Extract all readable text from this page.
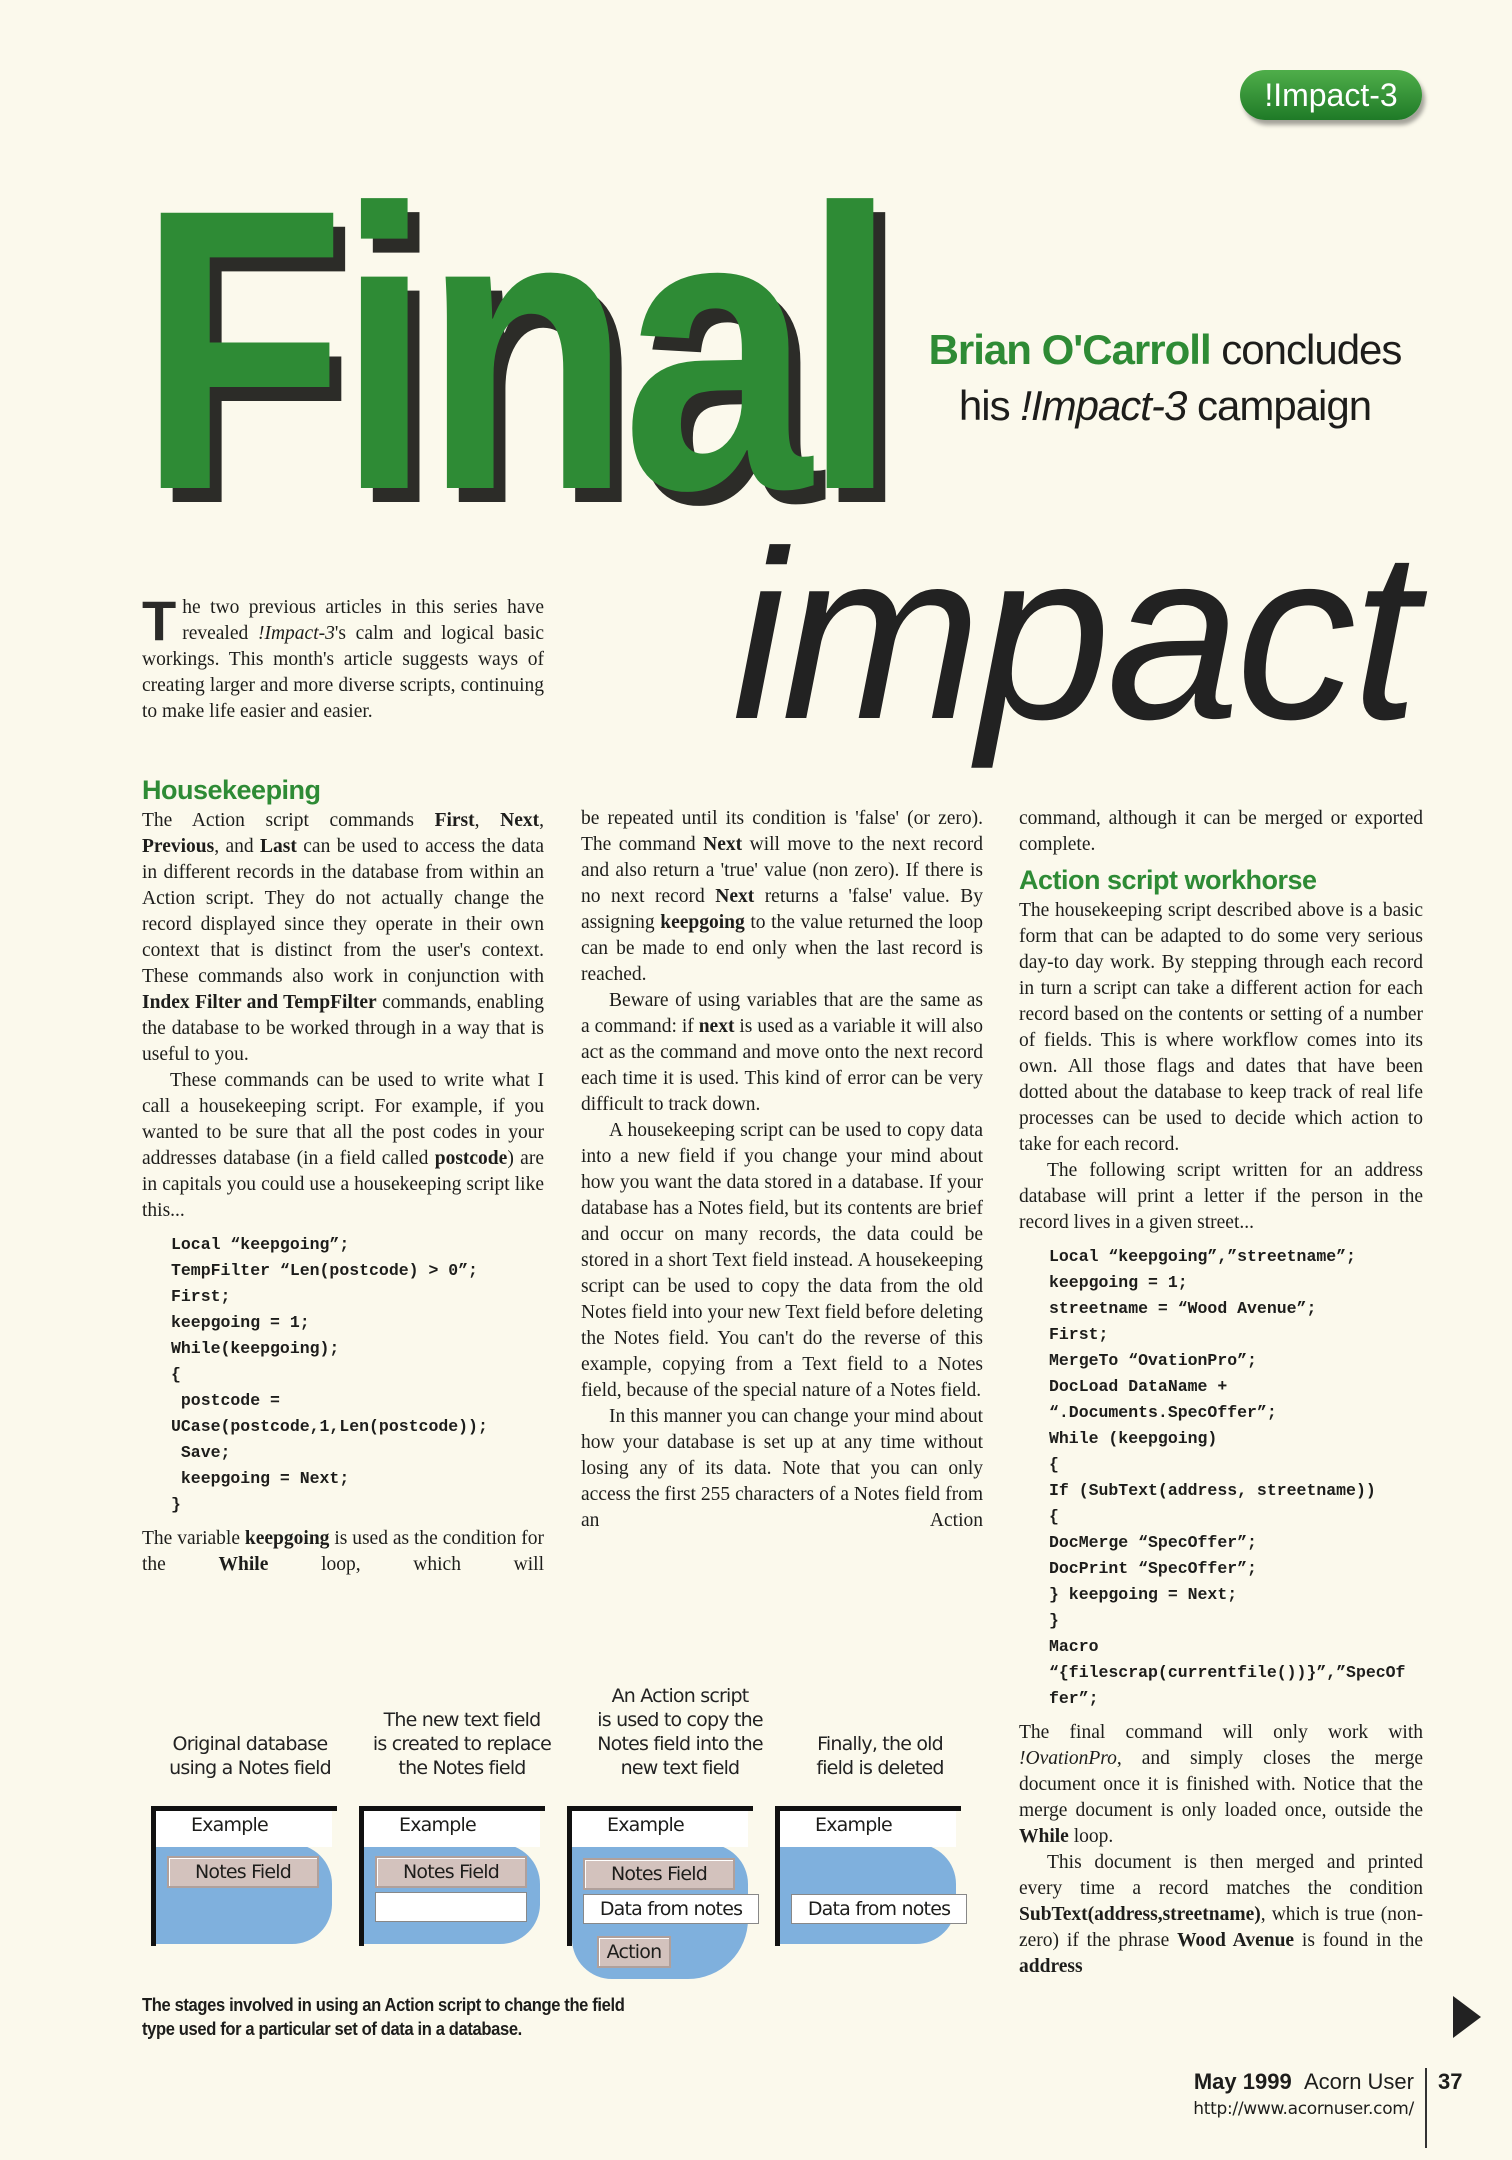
!Impact-3
Final Brian O'Carroll concludes
his !Impact-3 campaign
impact
T he two previous articles in this series have revealed !Impact-3's calm and logical basic workings. This month's article suggests ways of creating larger and more diverse scripts, continuing to make life easier and easier.

Housekeeping

The Action script commands First, Next, Previous, and Last can be used to access the data in different records in the database from within an Action script. They do not actually change the record displayed since they operate in their own context that is distinct from the user's context. These commands also work in conjunction with Index Filter and TempFilter commands, enabling the database to be worked through in a way that is useful to you.

These commands can be used to write what I call a housekeeping script. For example, if you wanted to be sure that all the post codes in your addresses database (in a field called postcode) are in capitals you could use a housekeeping script like this...

Local “keepgoing”;
TempFilter “Len(postcode) > 0”;
First;
keepgoing = 1;
While(keepgoing);
{
postcode =
UCase(postcode,1,Len(postcode));
Save;
keepgoing = Next;
}

The variable keepgoing is used as the condition for the While loop, which will

be repeated until its condition is 'false' (or zero). The command Next will move to the next record and also return a 'true' value (non zero). If there is no next record Next returns a 'false' value. By assigning keepgoing to the value returned the loop can be made to end only when the last record is reached.

Beware of using variables that are the same as a command: if next is used as a variable it will also act as the command and move onto the next record each time it is used. This kind of error can be very difficult to track down.

A housekeeping script can be used to copy data into a new field if you change your mind about how you want the data stored in a database. If your database has a Notes field, but its contents are brief and occur on many records, the data could be stored in a short Text field instead. A housekeeping script can be used to copy the data from the old Notes field into your new Text field before deleting the Notes field. You can't do the reverse of this example, copying from a Text field to a Notes field, because of the special nature of a Notes field.

In this manner you can change your mind about how your database is set up at any time without losing any of its data. Note that you can only access the first 255 characters of a Notes field from an Action

command, although it can be merged or exported complete.

Action script workhorse

The housekeeping script described above is a basic form that can be adapted to do some very serious day-to day work. By stepping through each record in turn a script can take a different action for each record based on the contents or setting of a number of fields. This is where workflow comes into its own. All those flags and dates that have been dotted about the database to keep track of real life processes can be used to decide which action to take for each record.

The following script written for an address database will print a letter if the person in the record lives in a given street...

Local “keepgoing”,”streetname”;
keepgoing = 1;
streetname = “Wood Avenue”;
First;
MergeTo “OvationPro”;
DocLoad DataName +
“.Documents.SpecOffer”;
While (keepgoing)
{
If (SubText(address, streetname))
{
DocMerge “SpecOffer”;
DocPrint “SpecOffer”;
} keepgoing = Next;
}
Macro
“{filescrap(currentfile())}”,”SpecOf
fer”;

The final command will only work with !OvationPro, and simply closes the merge document once it is finished with. Notice that the merge document is only loaded once, outside the While loop.

This document is then merged and printed every time a record matches the condition SubText(address,streetname), which is true (non-zero) if the phrase Wood Avenue is found in the address

Original database
using a Notes field
The new text field
is created to replace
the Notes field
An Action script
is used to copy the
Notes field into the
new text field
Finally, the old
field is deleted
Example
Notes Field
Example
Notes Field
Example
Notes Field
Data from notes
Action
Example
Data from notes
The stages involved in using an Action script to change the field type used for a particular set of data in a database.
May 1999 Acorn User 37
http://www.acornuser.com/
